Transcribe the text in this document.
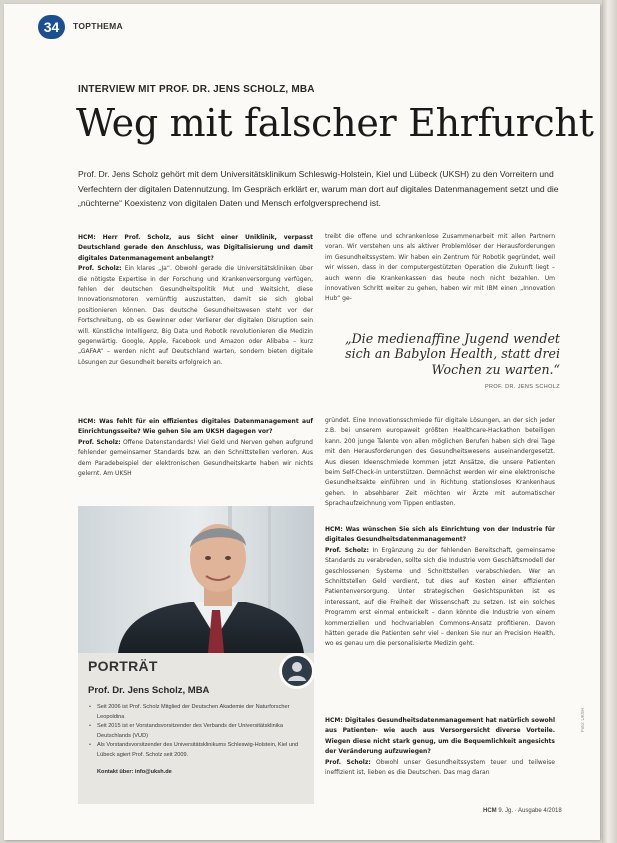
34	TOPTHEMA
INTERVIEW MIT PROF. DR. JENS SCHOLZ, MBA
Weg mit falscher Ehrfurcht

Prof. Dr. Jens Scholz gehört mit dem Universitätsklinikum Schleswig-Holstein, Kiel und Lübeck (UKSH) zu den Vorreitern und Verfechtern der digitalen Datennutzung. Im Gespräch erklärt er, warum man dort auf digitales Datenmanagement setzt und die „nüchterne“ Koexistenz von digitalen Daten und Mensch erfolgversprechend ist.

HCM: Herr Prof. Scholz, aus Sicht einer Uniklinik, verpasst Deutschland gerade den Anschluss, was Digitalisierung und damit digitales Datenmanagement anbelangt?

Prof. Scholz: Ein klares „Ja“. Obwohl gerade die Universitätskliniken über die nötigste Expertise in der Forschung und Krankenversorgung verfügen, fehlen der deutschen Gesundheitspolitik Mut und Weitsicht, diese Innovationsmotoren vernünftig auszustatten, damit sie sich global positionieren können. Das deutsche Gesundheitswesen steht vor der Fortschreitung, ob es Gewinner oder Verlierer der digitalen Disruption sein will. Künstliche Intelligenz, Big Data und Robotik revolutionieren die Medizin gegenwärtig. Google, Apple, Facebook und Amazon oder Alibaba – kurz „GAFAA“ – werden nicht auf Deutschland warten, sondern bieten digitale Lösungen zur Gesundheit bereits erfolgreich an.

HCM: Was fehlt für ein effizientes digitales Datenmanagement auf Einrichtungsseite? Wie gehen Sie am UKSH dagegen vor?

Prof. Scholz: Offene Datenstandards! Viel Geld und Nerven gehen aufgrund fehlender gemeinsamer Standards bzw. an den Schnittstellen verloren. Aus dem Paradebeispiel der elektronischen Gesundheitskarte haben wir nichts gelernt. Am UKSH

treibt die offene und schrankenlose Zusammenarbeit mit allen Partnern voran. Wir verstehen uns als aktiver Problemlöser der Herausforderungen im Gesundheitssystem. Wir haben ein Zentrum für Robotik gegründet, weil wir wissen, dass in der computergestützten Operation die Zukunft liegt – auch wenn die Krankenkassen das heute noch nicht bezahlen. Um innovativen Schritt weiter zu gehen, haben wir mit IBM einen „Innovation Hub“ ge-

„Die medienaffine Jugend wendet sich an Babylon Health, statt drei Wochen zu warten.“

PROF. DR. JENS SCHOLZ

gründet. Eine Innovationsschmiede für digitale Lösungen, an der sich jeder z.B. bei unserem europaweit größten Healthcare-Hackathon beteiligen kann. 200 junge Talente von allen möglichen Berufen haben sich drei Tage mit den Herausforderungen des Gesundheitswesens auseinandergesetzt. Aus diesen Ideenschmiede kommen jetzt Ansätze, die unsere Patienten beim Self-Check-in unterstützen. Demnächst werden wir eine elektronische Gesundheitsakte einführen und in Richtung stationsloses Krankenhaus gehen. In absehbarer Zeit möchten wir Ärzte mit automatischer Sprachaufzeichnung vom Tippen entlasten.

HCM: Was wünschen Sie sich als Einrichtung von der Industrie für digitales Gesundheitsdatenmanagement?

Prof. Scholz: In Ergänzung zu der fehlenden Bereitschaft, gemeinsame Standards zu verabreden, sollte sich die Industrie vom Geschäftsmodell der geschlossenen Systeme und Schnittstellen verabschieden. Wer an Schnittstellen Geld verdient, tut dies auf Kosten einer effizienten Patientenversorgung. Unter strategischen Gesichtspunkten ist es interessant, auf die Freiheit der Wissenschaft zu setzen. Ist ein solches Programm erst einmal entwickelt – dann könnte die Industrie von einem kommerziellen und hochvariablen Commons-Ansatz profitieren. Davon hätten gerade die Patienten sehr viel – denken Sie nur an Precision Health, wo es genau um die personalisierte Medizin geht.

HCM: Digitales Gesundheitsdatenmanagement hat natürlich sowohl aus Patienten- wie auch aus Versorgersicht diverse Vorteile. Wiegen diese nicht stark genug, um die Bequemlichkeit angesichts der Veränderung aufzuwiegen?

Prof. Scholz: Obwohl unser Gesundheitssystem teuer und teilweise ineffizient ist, lieben es die Deutschen. Das mag daran

PORTRÄT
Prof. Dr. Jens Scholz, MBA
• Seit 2006 ist Prof. Scholz Mitglied der Deutschen Akademie der Naturforscher Leopoldina
• Seit 2015 ist er Vorstandsvorsitzender des Verbands der Universitätsklinika Deutschlands (VUD)
• Als Vorstandsvorsitzender des Universitätsklinikums Schleswig-Holstein, Kiel und Lübeck agiert Prof. Scholz seit 2009.
Kontakt über: info@uksh.de
Foto: UKSH
HCM 9. Jg. · Ausgabe 4/2018
